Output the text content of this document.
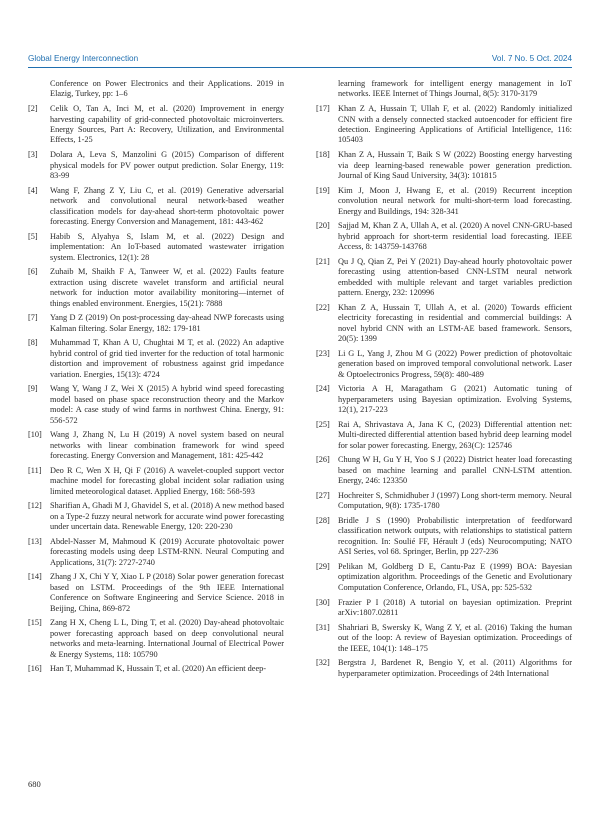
Global Energy Interconnection	Vol. 7 No. 5 Oct. 2024

Conference on Power Electronics and their Applications. 2019 in Elazig, Turkey, pp: 1–6

[2] Celik O, Tan A, Inci M, et al. (2020) Improvement in energy harvesting capability of grid-connected photovoltaic microinverters. Energy Sources, Part A: Recovery, Utilization, and Environmental Effects, 1-25

[3] Dolara A, Leva S, Manzolini G (2015) Comparison of different physical models for PV power output prediction. Solar Energy, 119: 83-99

[4] Wang F, Zhang Z Y, Liu C, et al. (2019) Generative adversarial network and convolutional neural network-based weather classification models for day-ahead short-term photovoltaic power forecasting. Energy Conversion and Management, 181: 443-462

[5] Habib S, Alyahya S, Islam M, et al. (2022) Design and implementation: An IoT-based automated wastewater irrigation system. Electronics, 12(1): 28

[6] Zuhaib M, Shaikh F A, Tanweer W, et al. (2022) Faults feature extraction using discrete wavelet transform and artificial neural network for induction motor availability monitoring—internet of things enabled environment. Energies, 15(21): 7888

[7] Yang D Z (2019) On post-processing day-ahead NWP forecasts using Kalman filtering. Solar Energy, 182: 179-181

[8] Muhammad T, Khan A U, Chughtai M T, et al. (2022) An adaptive hybrid control of grid tied inverter for the reduction of total harmonic distortion and improvement of robustness against grid impedance variation. Energies, 15(13): 4724

[9] Wang Y, Wang J Z, Wei X (2015) A hybrid wind speed forecasting model based on phase space reconstruction theory and the Markov model: A case study of wind farms in northwest China. Energy, 91: 556-572

[10] Wang J, Zhang N, Lu H (2019) A novel system based on neural networks with linear combination framework for wind speed forecasting. Energy Conversion and Management, 181: 425-442

[11] Deo R C, Wen X H, Qi F (2016) A wavelet-coupled support vector machine model for forecasting global incident solar radiation using limited meteorological dataset. Applied Energy, 168: 568-593

[12] Sharifian A, Ghadi M J, Ghavidel S, et al. (2018) A new method based on a Type-2 fuzzy neural network for accurate wind power forecasting under uncertain data. Renewable Energy, 120: 220-230

[13] Abdel-Nasser M, Mahmoud K (2019) Accurate photovoltaic power forecasting models using deep LSTM-RNN. Neural Computing and Applications, 31(7): 2727-2740

[14] Zhang J X, Chi Y Y, Xiao L P (2018) Solar power generation forecast based on LSTM. Proceedings of the 9th IEEE International Conference on Software Engineering and Service Science. 2018 in Beijing, China, 869-872

[15] Zang H X, Cheng L L, Ding T, et al. (2020) Day-ahead photovoltaic power forecasting approach based on deep convolutional neural networks and meta-learning. International Journal of Electrical Power & Energy Systems, 118: 105790

[16] Han T, Muhammad K, Hussain T, et al. (2020) An efficient deep-

learning framework for intelligent energy management in IoT networks. IEEE Internet of Things Journal, 8(5): 3170-3179

[17] Khan Z A, Hussain T, Ullah F, et al. (2022) Randomly initialized CNN with a densely connected stacked autoencoder for efficient fire detection. Engineering Applications of Artificial Intelligence, 116: 105403

[18] Khan Z A, Hussain T, Baik S W (2022) Boosting energy harvesting via deep learning-based renewable power generation prediction. Journal of King Saud University, 34(3): 101815

[19] Kim J, Moon J, Hwang E, et al. (2019) Recurrent inception convolution neural network for multi-short-term load forecasting. Energy and Buildings, 194: 328-341

[20] Sajjad M, Khan Z A, Ullah A, et al. (2020) A novel CNN-GRU-based hybrid approach for short-term residential load forecasting. IEEE Access, 8: 143759-143768

[21] Qu J Q, Qian Z, Pei Y (2021) Day-ahead hourly photovoltaic power forecasting using attention-based CNN-LSTM neural network embedded with multiple relevant and target variables prediction pattern. Energy, 232: 120996

[22] Khan Z A, Hussain T, Ullah A, et al. (2020) Towards efficient electricity forecasting in residential and commercial buildings: A novel hybrid CNN with an LSTM-AE based framework. Sensors, 20(5): 1399

[23] Li G L, Yang J, Zhou M G (2022) Power prediction of photovoltaic generation based on improved temporal convolutional network. Laser & Optoelectronics Progress, 59(8): 480-489

[24] Victoria A H, Maragatham G (2021) Automatic tuning of hyperparameters using Bayesian optimization. Evolving Systems, 12(1), 217-223

[25] Rai A, Shrivastava A, Jana K C, (2023) Differential attention net: Multi-directed differential attention based hybrid deep learning model for solar power forecasting. Energy, 263(C): 125746

[26] Chung W H, Gu Y H, Yoo S J (2022) District heater load forecasting based on machine learning and parallel CNN-LSTM attention. Energy, 246: 123350

[27] Hochreiter S, Schmidhuber J (1997) Long short-term memory. Neural Computation, 9(8): 1735-1780

[28] Bridle J S (1990) Probabilistic interpretation of feedforward classification network outputs, with relationships to statistical pattern recognition. In: Soulié FF, Hérault J (eds) Neurocomputing; NATO ASI Series, vol 68. Springer, Berlin, pp 227-236

[29] Pelikan M, Goldberg D E, Cantu-Paz E (1999) BOA: Bayesian optimization algorithm. Proceedings of the Genetic and Evolutionary Computation Conference, Orlando, FL, USA, pp: 525-532

[30] Frazier P I (2018) A tutorial on bayesian optimization. Preprint arXiv:1807.02811

[31] Shahriari B, Swersky K, Wang Z Y, et al. (2016) Taking the human out of the loop: A review of Bayesian optimization. Proceedings of the IEEE, 104(1): 148–175

[32] Bergstra J, Bardenet R, Bengio Y, et al. (2011) Algorithms for hyperparameter optimization. Proceedings of 24th International

680
